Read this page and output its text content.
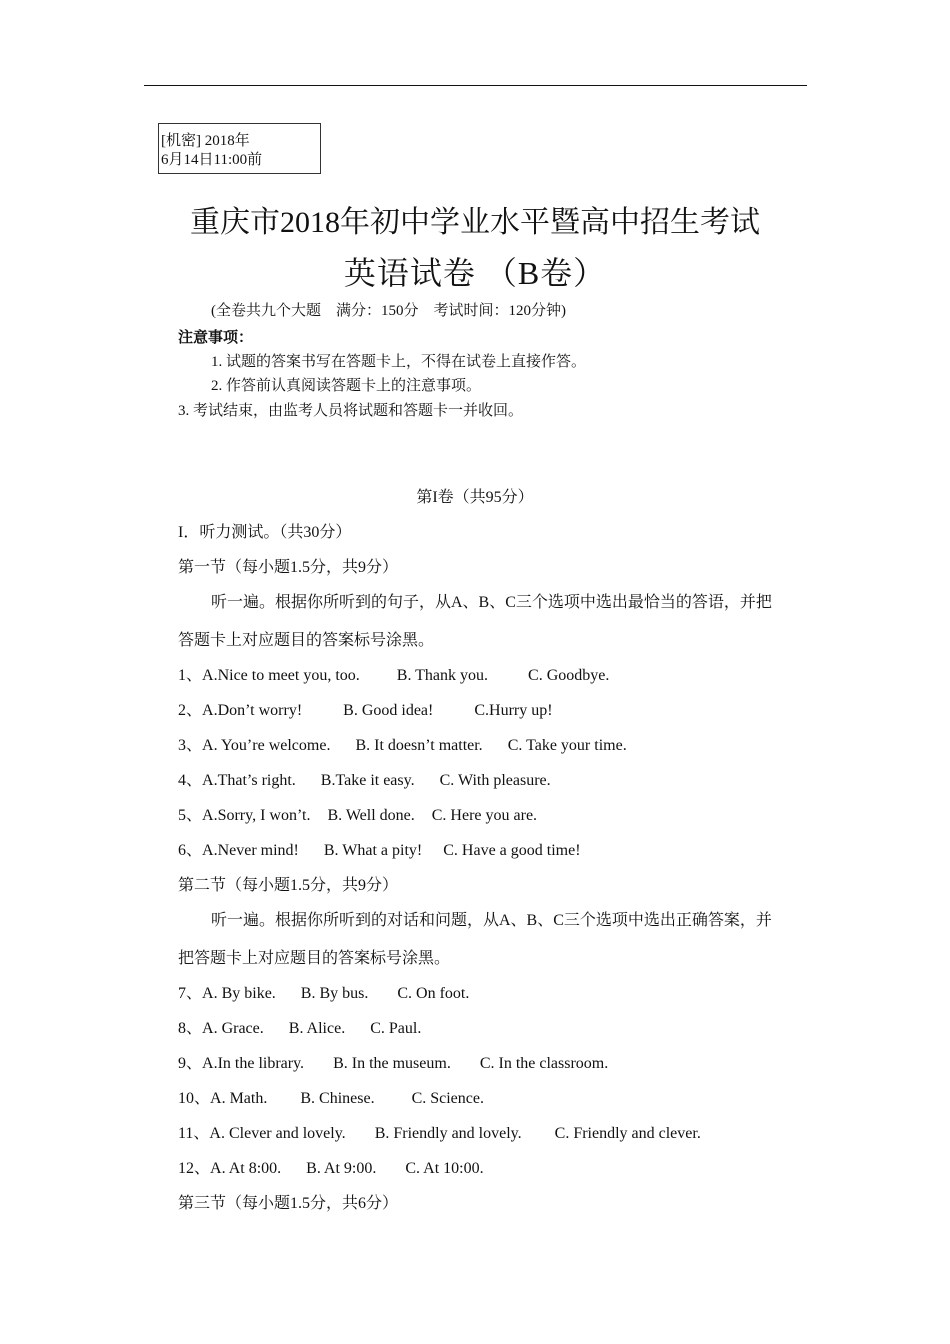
[机密] 2018年
6月14日11:00前
重庆市2018年初中学业水平暨高中招生考试
英语试卷 （B卷）
(全卷共九个大题　满分：150分　考试时间：120分钟)
注意事项：
1. 试题的答案书写在答题卡上，不得在试卷上直接作答。
2. 作答前认真阅读答题卡上的注意事项。
3. 考试结束，由监考人员将试题和答题卡一并收回。
第I卷（共95分）
I．听力测试。（共30分）
第一节（每小题1.5分，共9分）
听一遍。根据你所听到的句子，从A、B、C三个选项中选出最恰当的答语，并把
答题卡上对应题目的答案标号涂黑。
1、A.Nice to meet you, too. B. Thank you.	C. Goodbye.
2、A.Don’t worry!	B. Good idea!	C.Hurry up!
3、A. You’re welcome. B. It doesn’t matter. C. Take your time.
4、A.That’s right. B.Take it easy. C. With pleasure.
5、A.Sorry, I won’t. B. Well done. C. Here you are.
6、A.Never mind! B. What a pity! C. Have a good time!
第二节（每小题1.5分，共9分）
听一遍。根据你所听到的对话和问题，从A、B、C三个选项中选出正确答案，并
把答题卡上对应题目的答案标号涂黑。
7、A. By bike. B. By bus. C. On foot.
8、A. Grace. B. Alice. C. Paul.
9、A.In the library. B. In the museum. C. In the classroom.
10、A. Math. B. Chinese. C. Science.
11、A. Clever and lovely. B. Friendly and lovely. C. Friendly and clever.
12、A. At 8:00. B. At 9:00. C. At 10:00.
第三节（每小题1.5分，共6分）
